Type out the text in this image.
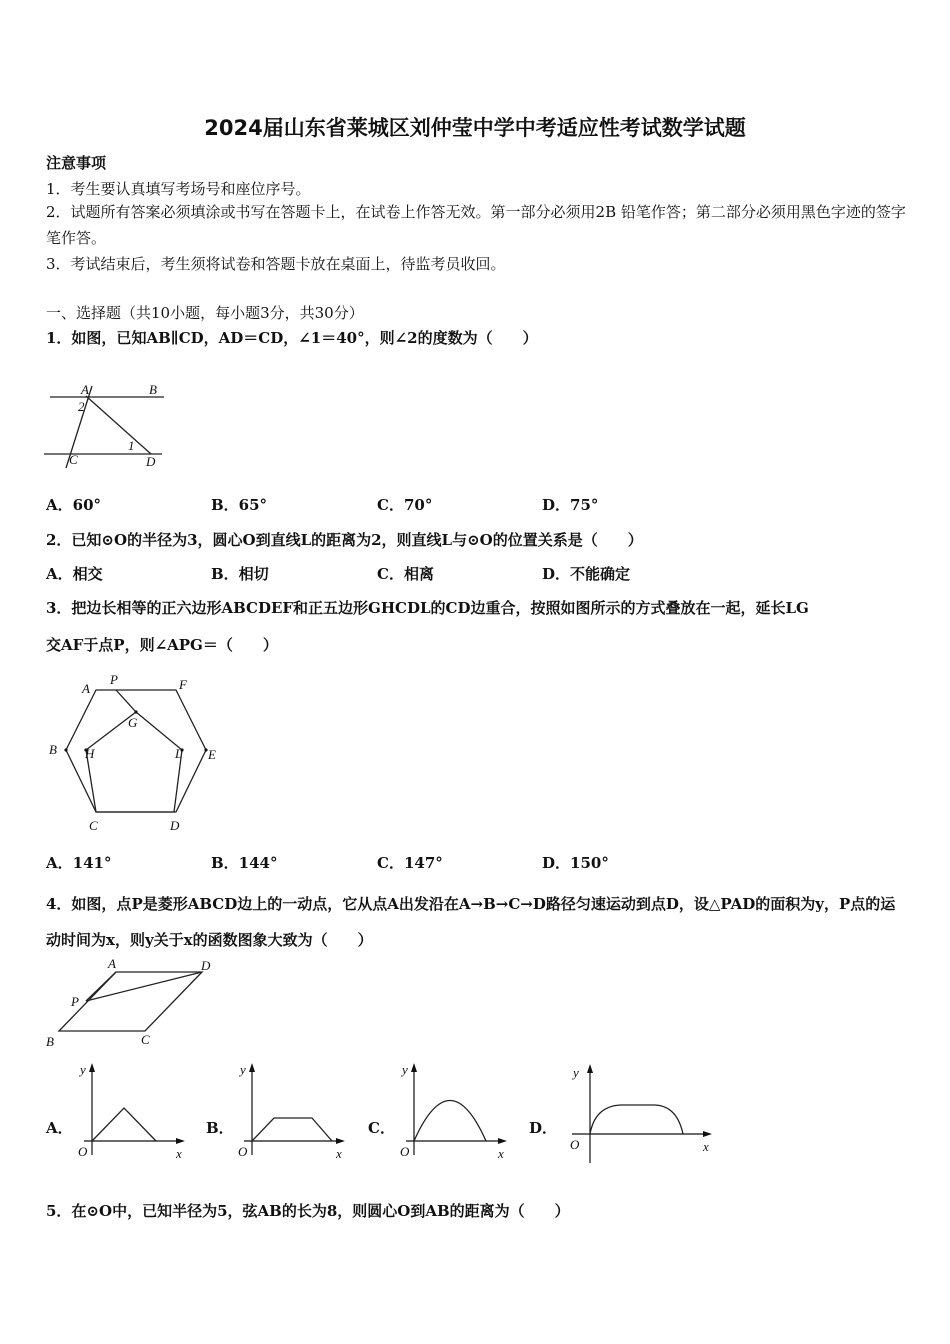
2024届山东省莱城区刘仲莹中学中考适应性考试数学试题
注意事项
1．考生要认真填写考场号和座位序号。
2．试题所有答案必须填涂或书写在答题卡上，在试卷上作答无效。第一部分必须用2B 铅笔作答；第二部分必须用黑色字迹的签字笔作答。
3．考试结束后，考生须将试卷和答题卡放在桌面上，待监考员收回。
一、选择题（共10小题，每小题3分，共30分）
1．如图，已知AB∥CD，AD＝CD，∠1＝40°，则∠2的度数为（　　）
A	B
2
1
C	D
A．60°	B．65°	C．70°	D．75°
2．已知⊙O的半径为3，圆心O到直线L的距离为2，则直线L与⊙O的位置关系是（　　）
A．相交	B．相切	C．相离	D．不能确定
3．把边长相等的正六边形ABCDEF和正五边形GHCDL的CD边重合，按照如图所示的方式叠放在一起，延长LG
交AF于点P，则∠APG＝（　　）
A
P	F
G
B H	L E
C	D
A．141°	B．144°	C．147°	D．150°
4．如图，点P是菱形ABCD边上的一动点，它从点A出发沿在A→B→C→D路径匀速运动到点D，设△PAD的面积为y，P点的运动时间为x，则y关于x的函数图象大致为（　　）
A	D
P
B	C
A．
y
x
O
B．
y
x
O
C．
y
x
O
D．
y
x
O
5．在⊙O中，已知半径为5，弦AB的长为8，则圆心O到AB的距离为（　　）
